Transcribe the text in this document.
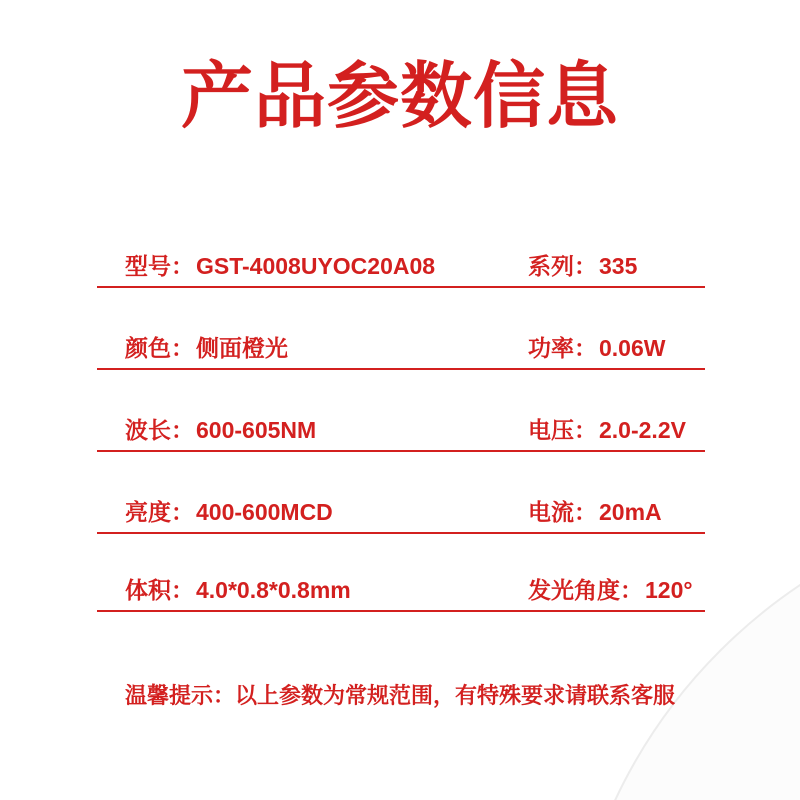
产品参数信息
型号：GST-4008UYOC20A08	系列：335
颜色：侧面橙光	功率：0.06W
波长：600-605NM	电压：2.0-2.2V
亮度：400-600MCD	电流：20mA
体积：4.0*0.8*0.8mm	发光角度：120°
温馨提示：以上参数为常规范围，有特殊要求请联系客服
